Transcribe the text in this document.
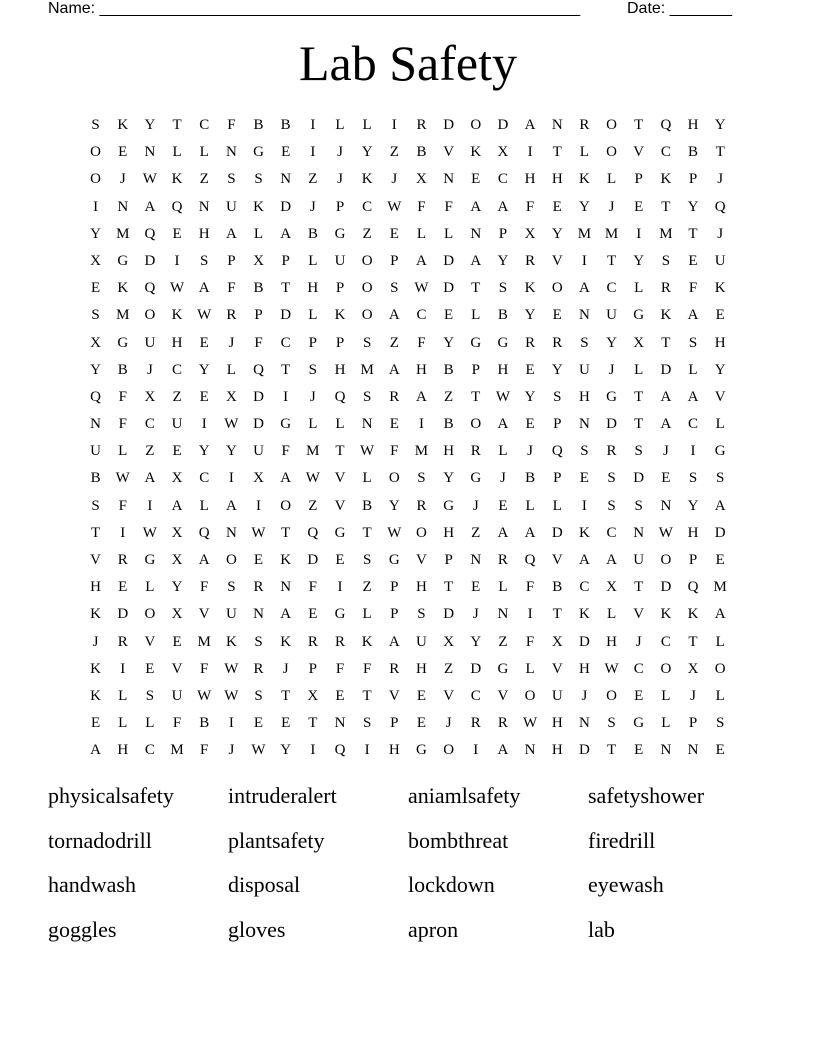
Name: ______________________________________________________	Date: _______
Lab Safety
S	K	Y	T	C	F	B	B	I	L	L	I	R	D	O	D	A	N	R	O	T	Q	H	Y
O	E	N	L	L	N	G	E	I	J	Y	Z	B	V	K	X	I	T	L	O	V	C	B	T
O	J	W K	Z	S	S	N	Z	J	K	J	X	N	E	C	H	H	K	L	P	K	P	J
I	N	A	Q	N	U	K	D	J	P	C	W	F	F	A	A	F	E	Y	J	E	T	Y	Q
Y	M	Q	E	H	A	L	A	B	G	Z	E	L	L	N	P	X	Y	M M	I	M	T	J
X	G	D	I	S	P	X	P	L	U	O	P	A	D	A	Y	R	V	I	T	Y	S	E	U
E	K	Q W A	F	B	T	H	P	O	S	W D	T	S	K	O	A	C	L	R	F	K
S	M	O	K W	R	P	D	L	K	O	A	C	E	L	B	Y	E	N	U	G	K	A	E
X	G	U	H	E	J	F	C	P	P	S	Z	F	Y	G	G	R	R	S	Y	X	T	S	H
Y	B	J	C	Y	L	Q	T	S	H	M	A	H	B	P	H	E	Y	U	J	L	D	L	Y
Q	F	X	Z	E	X	D	I	J	Q	S	R	A	Z	T	W Y	S	H	G	T	A	A	V
N	F	C	U	I	W D	G	L	L	N	E	I	B	O	A	E	P	N	D	T	A	C	L
U	L	Z	E	Y	Y	U	F	M	T	W	F	M	H	R	L	J	Q	S	R	S	J	I	G
B	W A	X	C	I	X	A W V	L	O	S	Y	G	J	B	P	E	S	D	E	S	S
S	F	I	A	L	A	I	O	Z	V	B	Y	R	G	J	E	L	L	I	S	S	N	Y	A
T	I	W X	Q	N W	T	Q	G	T	W O	H	Z	A	A	D	K	C	N W H	D
V	R	G	X	A	O	E	K	D	E	S	G	V	P	N	R	Q	V	A	A	U	O	P	E
H	E	L	Y	F	S	R	N	F	I	Z	P	H	T	E	L	F	B	C	X	T	D	Q	M
K	D	O	X	V	U	N	A	E	G	L	P	S	D	J	N	I	T	K	L	V	K	K	A
J	R	V	E	M	K	S	K	R	R	K	A	U	X	Y	Z	F	X	D	H	J	C	T	L
K	I	E	V	F	W	R	J	P	F	F	R	H	Z	D	G	L	V	H W	C	O	X	O
K	L	S	U W W	S	T	X	E	T	V	E	V	C	V	O	U	J	O	E	L	J	L
E	L	L	F	B	I	E	E	T	N	S	P	E	J	R	R	W H	N	S	G	L	P	S
A	H	C	M	F	J	W Y	I	Q	I	H	G	O	I	A	N	H	D	T	E	N	N	E
physicalsafety	intruderalert	aniamlsafety	safetyshower
tornadodrill	plantsafety	bombthreat	firedrill
handwash	disposal	lockdown	eyewash
goggles	gloves	apron	lab
